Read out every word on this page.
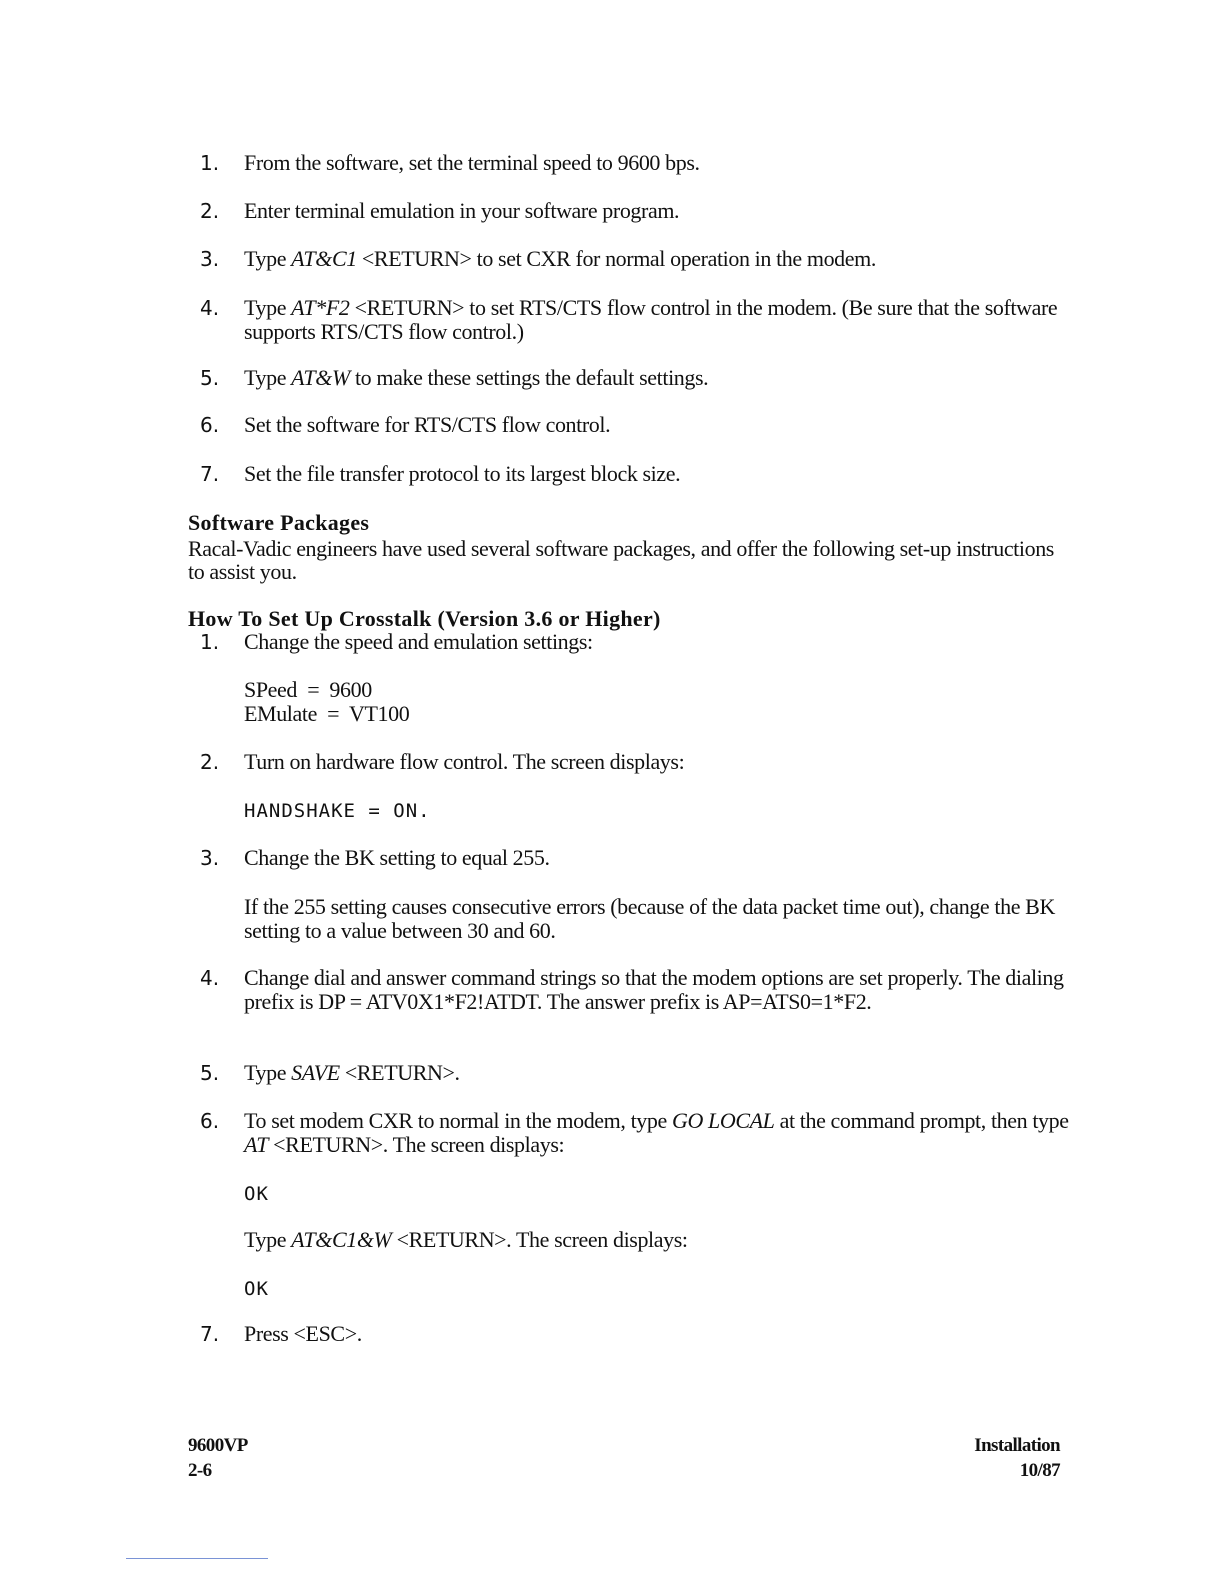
1.	From the software, set the terminal speed to 9600 bps.
2.	Enter terminal emulation in your software program.
3.	Type AT&C1 <RETURN> to set CXR for normal operation in the modem.
4.	Type AT*F2 <RETURN> to set RTS/CTS flow control in the modem. (Be sure that the software supports RTS/CTS flow control.)
5.	Type AT&W to make these settings the default settings.
6.	Set the software for RTS/CTS flow control.
7.	Set the file transfer protocol to its largest block size.
Software Packages
Racal-Vadic engineers have used several software packages, and offer the following set-up instructions to assist you.
How To Set Up Crosstalk (Version 3.6 or Higher)
1.	Change the speed and emulation settings:
SPeed  =  9600
EMulate  =  VT100
2.	Turn on hardware flow control. The screen displays:
HANDSHAKE = ON.
3.	Change the BK setting to equal 255.
If the 255 setting causes consecutive errors (because of the data packet time out), change the BK setting to a value between 30 and 60.
4.	Change dial and answer command strings so that the modem options are set properly. The dialing prefix is DP = ATV0X1*F2!ATDT. The answer prefix is AP=ATS0=1*F2.
5.	Type SAVE <RETURN>.
6.	To set modem CXR to normal in the modem, type GO LOCAL at the command prompt, then type AT <RETURN>. The screen displays:
OK
Type AT&C1&W <RETURN>. The screen displays:
OK
7.	Press <ESC>.
9600VP
2-6
Installation
10/87
